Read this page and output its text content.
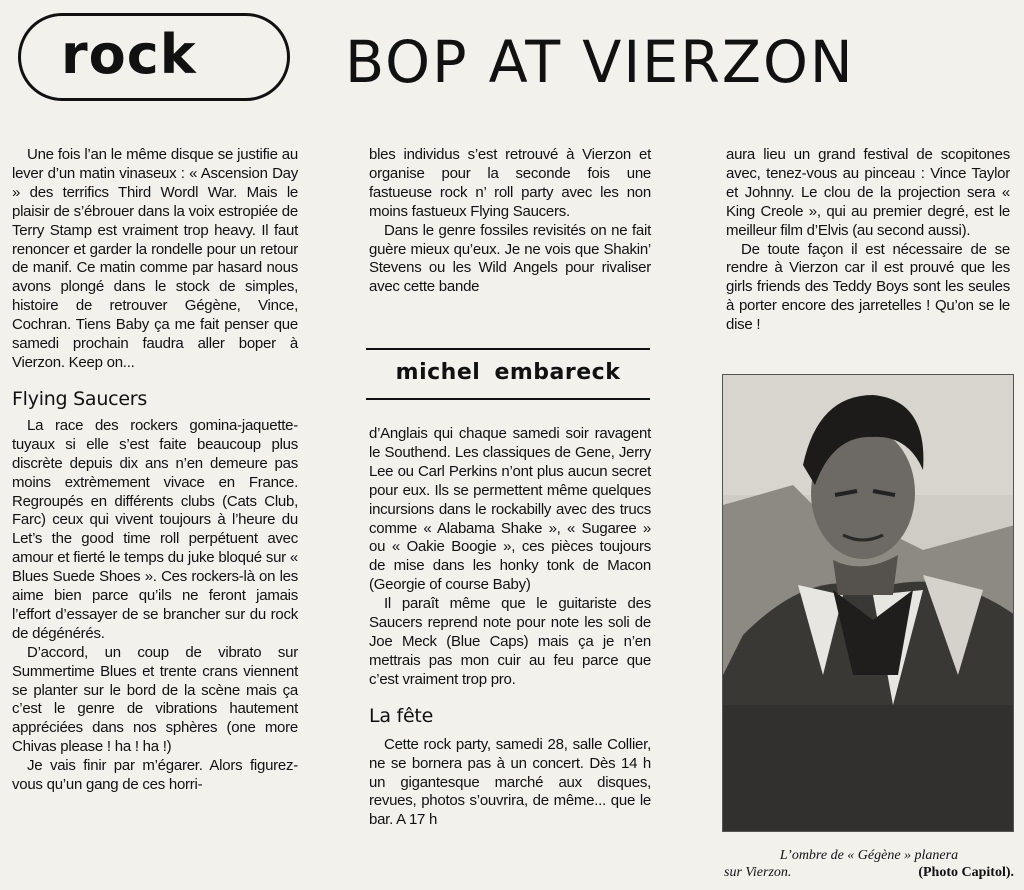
rock	BOP AT VIERZON

Une fois l’an le même disque se justifie au lever d’un matin vinaseux : « Ascension Day » des terrifics Third Wordl War. Mais le plaisir de s’ébrouer dans la voix estropiée de Terry Stamp est vraiment trop heavy. Il faut renoncer et garder la rondelle pour un retour de manif. Ce matin comme par hasard nous avons plongé dans le stock de simples, histoire de retrouver Gégène, Vince, Cochran. Tiens Baby ça me fait penser que samedi prochain faudra aller boper à Vierzon. Keep on...

Flying Saucers

La race des rockers gomina-jaquette-tuyaux si elle s’est faite beaucoup plus discrète depuis dix ans n’en demeure pas moins extrèmement vivace en France. Regroupés en différents clubs (Cats Club, Farc) ceux qui vivent toujours à l’heure du Let’s the good time roll perpétuent avec amour et fierté le temps du juke bloqué sur « Blues Suede Shoes ». Ces rockers-là on les aime bien parce qu’ils ne feront jamais l’effort d’essayer de se brancher sur du rock de dégénérés.

D’accord, un coup de vibrato sur Summertime Blues et trente crans viennent se planter sur le bord de la scène mais ça c’est le genre de vibrations hautement appréciées dans nos sphères (one more Chivas please ! ha ! ha !)

Je vais finir par m’égarer. Alors figurez-vous qu’un gang de ces horri-

bles individus s’est retrouvé à Vierzon et organise pour la seconde fois une fastueuse rock n’ roll party avec les non moins fastueux Flying Saucers.

Dans le genre fossiles revisités on ne fait guère mieux qu’eux. Je ne vois que Shakin’ Stevens ou les Wild Angels pour rivaliser avec cette bande

michel embareck

d’Anglais qui chaque samedi soir ravagent le Southend. Les classiques de Gene, Jerry Lee ou Carl Perkins n’ont plus aucun secret pour eux. Ils se permettent même quelques incursions dans le rockabilly avec des trucs comme « Alabama Shake », « Sugaree » ou « Oakie Boogie », ces pièces toujours de mise dans les honky tonk de Macon (Georgie of course Baby)

Il paraît même que le guitariste des Saucers reprend note pour note les soli de Joe Meck (Blue Caps) mais ça je n’en mettrais pas mon cuir au feu parce que c’est vraiment trop pro.

La fête

Cette rock party, samedi 28, salle Collier, ne se bornera pas à un concert. Dès 14 h un gigantesque marché aux disques, revues, photos s’ouvrira, de même... que le bar. A 17 h

aura lieu un grand festival de scopitones avec, tenez-vous au pinceau : Vince Taylor et Johnny. Le clou de la projection sera « King Creole », qui au premier degré, est le meilleur film d’Elvis (au second aussi).

De toute façon il est nécessaire de se rendre à Vierzon car il est prouvé que les girls friends des Teddy Boys sont les seules à porter encore des jarretelles ! Qu’on se le dise !

L’ombre de « Gégène » planera
sur Vierzon.	(Photo Capitol).
